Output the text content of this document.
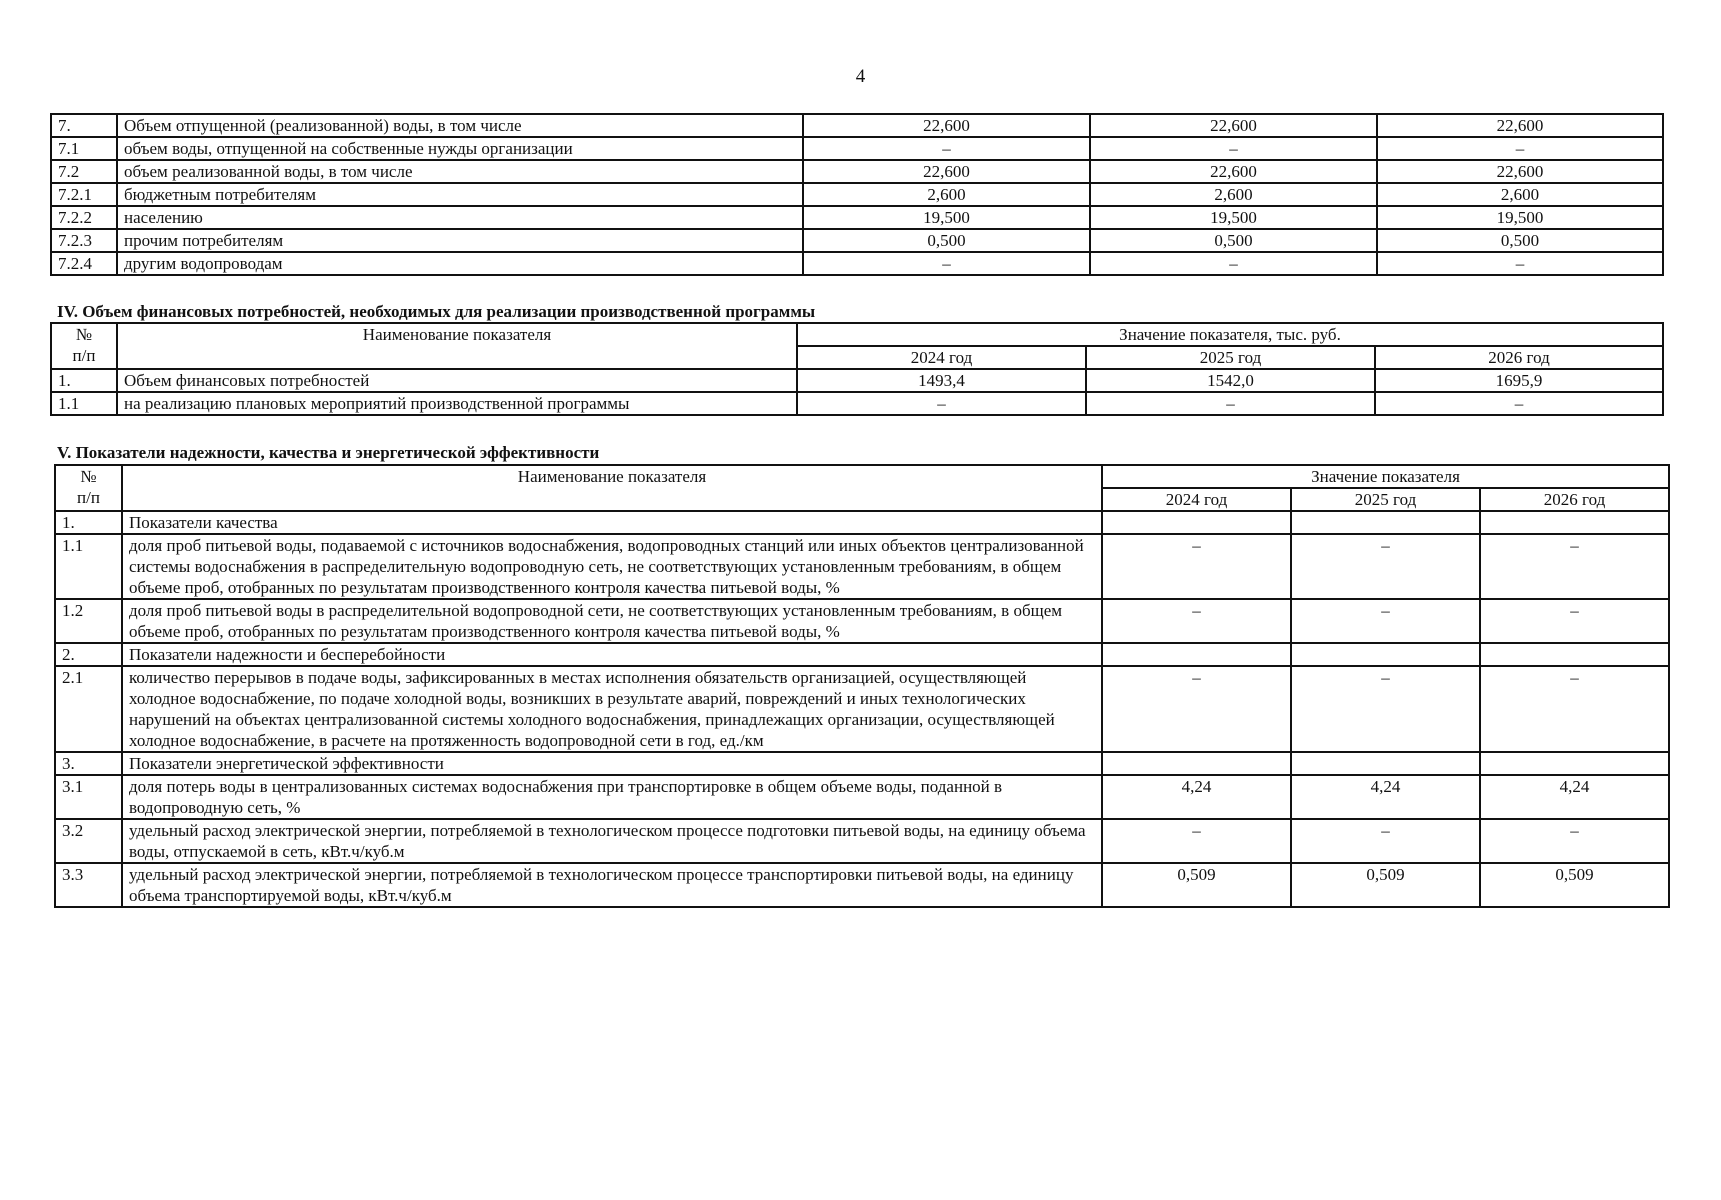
4
7.	Объем отпущенной (реализованной) воды, в том числе	22,600	22,600	22,600
7.1	объем воды, отпущенной на собственные нужды организации	–	–	–
7.2	объем реализованной воды, в том числе	22,600	22,600	22,600
7.2.1	бюджетным потребителям	2,600	2,600	2,600
7.2.2	населению	19,500	19,500	19,500
7.2.3	прочим потребителям	0,500	0,500	0,500
7.2.4	другим водопроводам	–	–	–
IV. Объем финансовых потребностей, необходимых для реализации производственной программы
№
п/п	Наименование показателя	Значение показателя, тыс. руб.		
		2024 год	2025 год	2026 год
1.	Объем финансовых потребностей	1493,4	1542,0	1695,9
1.1	на реализацию плановых мероприятий производственной программы	–	–	–
V. Показатели надежности, качества и энергетической эффективности
№
п/п	Наименование показателя	Значение показателя		
		2024 год	2025 год	2026 год
1.	Показатели качества			
1.1	доля проб питьевой воды, подаваемой с источников водоснабжения, водопроводных станций или иных объектов централизованной системы водоснабжения в распределительную водопроводную сеть, не соответствующих установленным требованиям, в общем объеме проб, отобранных по результатам производственного контроля качества питьевой воды, %	–	–	–
1.2	доля проб питьевой воды в распределительной водопроводной сети, не соответствующих установленным требованиям, в общем объеме проб, отобранных по результатам производственного контроля качества питьевой воды, %	–	–	–
2.	Показатели надежности и бесперебойности			
2.1	количество перерывов в подаче воды, зафиксированных в местах исполнения обязательств организацией, осуществляющей холодное водоснабжение, по подаче холодной воды, возникших в результате аварий, повреждений и иных технологических нарушений на объектах централизованной системы холодного водоснабжения, принадлежащих организации, осуществляющей холодное водоснабжение, в расчете на протяженность водопроводной сети в год, ед./км	–	–	–
3.	Показатели энергетической эффективности			
3.1	доля потерь воды в централизованных системах водоснабжения при транспортировке в общем объеме воды, поданной в водопроводную сеть, %	4,24	4,24	4,24
3.2	удельный расход электрической энергии, потребляемой в технологическом процессе подготовки питьевой воды, на единицу объема воды, отпускаемой в сеть, кВт.ч/куб.м	–	–	–
3.3	удельный расход электрической энергии, потребляемой в технологическом процессе транспортировки питьевой воды, на единицу объема транспортируемой воды, кВт.ч/куб.м	0,509	0,509	0,509
